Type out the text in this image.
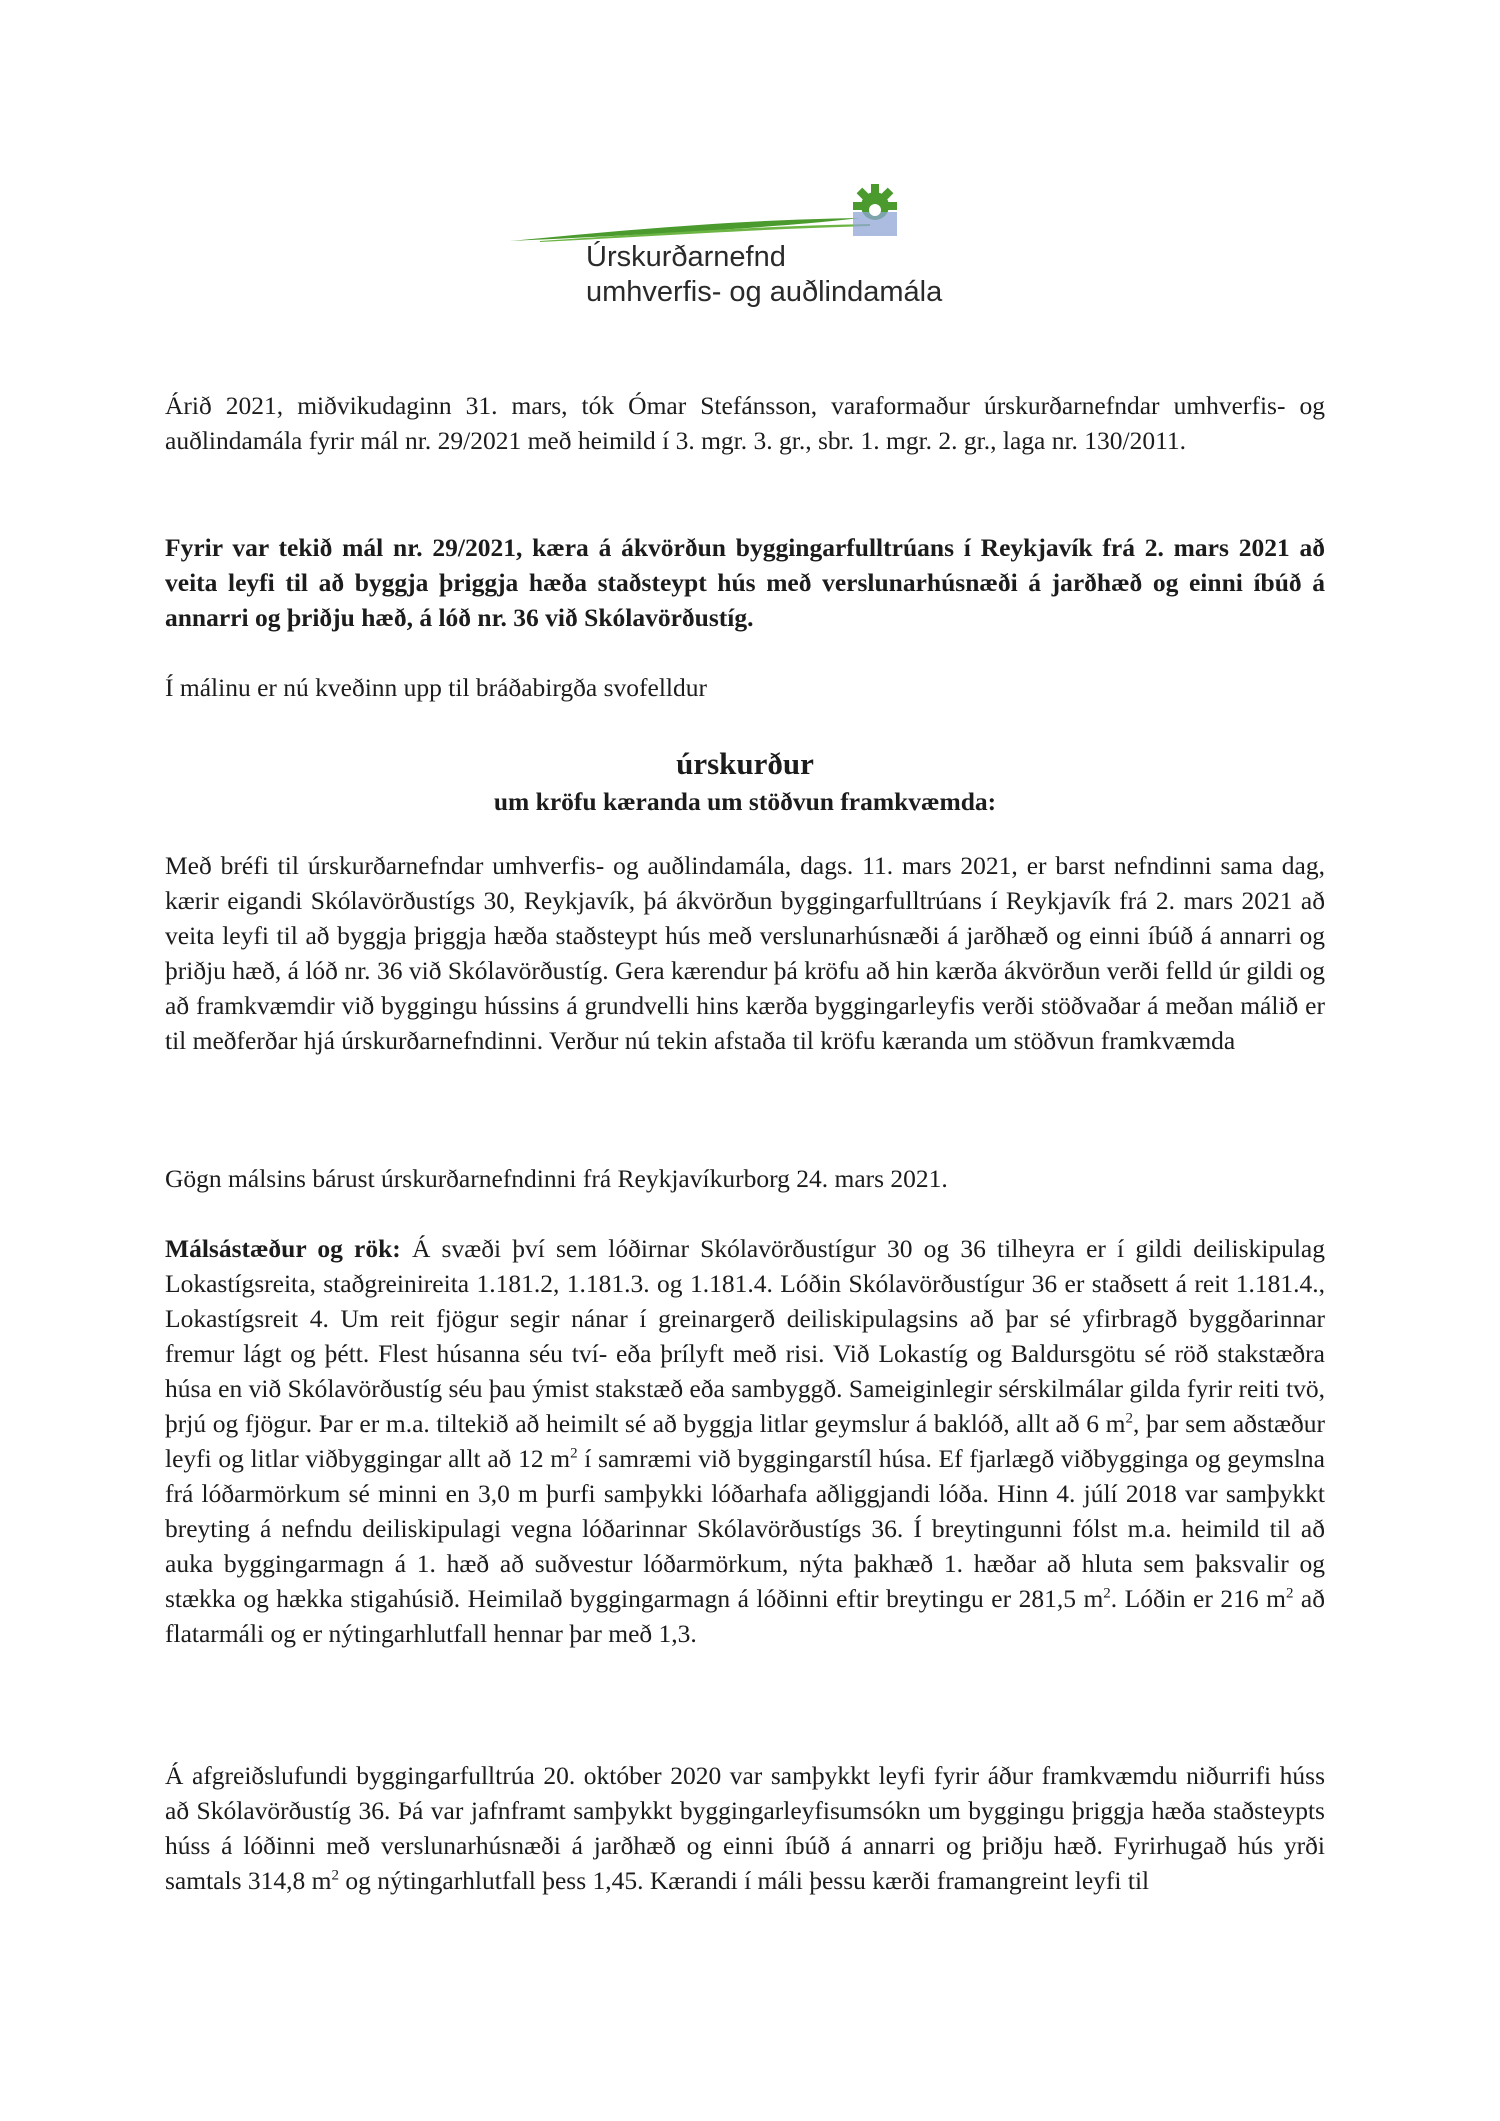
Úrskurðarnefnd
umhverfis- og auðlindamála

Árið 2021, miðvikudaginn 31. mars, tók Ómar Stefánsson, varaformaður úrskurðarnefndar umhverfis- og auðlindamála fyrir mál nr. 29/2021 með heimild í 3. mgr. 3. gr., sbr. 1. mgr. 2. gr., laga nr. 130/2011.

Fyrir var tekið mál nr. 29/2021, kæra á ákvörðun byggingarfulltrúans í Reykjavík frá 2. mars 2021 að veita leyfi til að byggja þriggja hæða staðsteypt hús með verslunarhúsnæði á jarðhæð og einni íbúð á annarri og þriðju hæð, á lóð nr. 36 við Skólavörðustíg.

Í málinu er nú kveðinn upp til bráðabirgða svofelldur

úrskurður
um kröfu kæranda um stöðvun framkvæmda:

Með bréfi til úrskurðarnefndar umhverfis- og auðlindamála, dags. 11. mars 2021, er barst nefndinni sama dag, kærir eigandi Skólavörðustígs 30, Reykjavík, þá ákvörðun byggingarfulltrúans í Reykjavík frá 2. mars 2021 að veita leyfi til að byggja þriggja hæða staðsteypt hús með verslunarhúsnæði á jarðhæð og einni íbúð á annarri og þriðju hæð, á lóð nr. 36 við Skólavörðustíg. Gera kærendur þá kröfu að hin kærða ákvörðun verði felld úr gildi og að framkvæmdir við byggingu hússins á grundvelli hins kærða byggingarleyfis verði stöðvaðar á meðan málið er til meðferðar hjá úrskurðarnefndinni. Verður nú tekin afstaða til kröfu kæranda um stöðvun framkvæmda

Gögn málsins bárust úrskurðarnefndinni frá Reykjavíkurborg 24. mars 2021.

Málsástæður og rök: Á svæði því sem lóðirnar Skólavörðustígur 30 og 36 tilheyra er í gildi deiliskipulag Lokastígsreita, staðgreinireita 1.181.2, 1.181.3. og 1.181.4. Lóðin Skólavörðustígur 36 er staðsett á reit 1.181.4., Lokastígsreit 4. Um reit fjögur segir nánar í greinargerð deiliskipulagsins að þar sé yfirbragð byggðarinnar fremur lágt og þétt. Flest húsanna séu tví- eða þrílyft með risi. Við Lokastíg og Baldursgötu sé röð stakstæðra húsa en við Skólavörðustíg séu þau ýmist stakstæð eða sambyggð. Sameiginlegir sérskilmálar gilda fyrir reiti tvö, þrjú og fjögur. Þar er m.a. tiltekið að heimilt sé að byggja litlar geymslur á baklóð, allt að 6 $m^2$, þar sem aðstæður leyfi og litlar viðbyggingar allt að 12 $m^2$ í samræmi við byggingarstíl húsa. Ef fjarlægð viðbygginga og geymslna frá lóðarmörkum sé minni en 3,0 m þurfi samþykki lóðarhafa aðliggjandi lóða. Hinn 4. júlí 2018 var samþykkt breyting á nefndu deiliskipulagi vegna lóðarinnar Skólavörðustígs 36. Í breytingunni fólst m.a. heimild til að auka byggingarmagn á 1. hæð að suðvestur lóðarmörkum, nýta þakhæð 1. hæðar að hluta sem þaksvalir og stækka og hækka stigahúsið. Heimilað byggingarmagn á lóðinni eftir breytingu er 281,5 $m^2$. Lóðin er 216 $m^2$ að flatarmáli og er nýtingarhlutfall hennar þar með 1,3.

Á afgreiðslufundi byggingarfulltrúa 20. október 2020 var samþykkt leyfi fyrir áður framkvæmdu niðurrifi húss að Skólavörðustíg 36. Þá var jafnframt samþykkt byggingarleyfisumsókn um byggingu þriggja hæða staðsteypts húss á lóðinni með verslunarhúsnæði á jarðhæð og einni íbúð á annarri og þriðju hæð. Fyrirhugað hús yrði samtals 314,8 $m^2$ og nýtingarhlutfall þess 1,45. Kærandi í máli þessu kærði framangreint leyfi til
